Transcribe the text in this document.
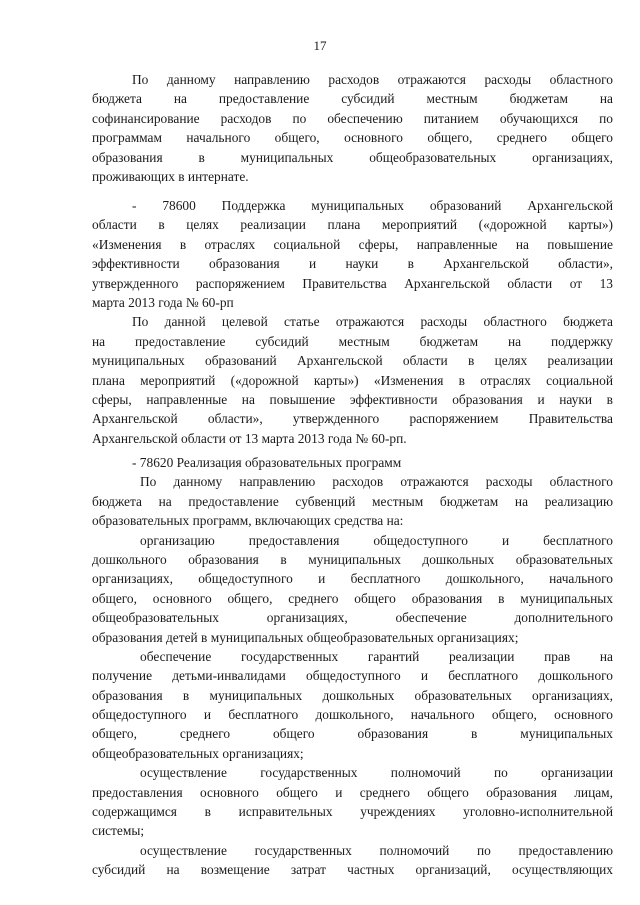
17
По данному направлению расходов отражаются расходы областного
бюджета на предоставление субсидий местным бюджетам на
софинансирование расходов по обеспечению питанием обучающихся по
программам начального общего, основного общего, среднего общего
образования в муниципальных общеобразовательных организациях,
проживающих в интернате.
- 78600 Поддержка муниципальных образований Архангельской
области в целях реализации плана мероприятий («дорожной карты»)
«Изменения в отраслях социальной сферы, направленные на повышение
эффективности образования и науки в Архангельской области»,
утвержденного распоряжением Правительства Архангельской области от 13
марта 2013 года № 60-рп
По данной целевой статье отражаются расходы областного бюджета
на предоставление субсидий местным бюджетам на поддержку
муниципальных образований Архангельской области в целях реализации
плана мероприятий («дорожной карты») «Изменения в отраслях социальной
сферы, направленные на повышение эффективности образования и науки в
Архангельской области», утвержденного распоряжением Правительства
Архангельской области от 13 марта 2013 года № 60-рп.
- 78620 Реализация образовательных программ
По данному направлению расходов отражаются расходы областного
бюджета на предоставление субвенций местным бюджетам на реализацию
образовательных программ, включающих средства на:
организацию предоставления общедоступного и бесплатного
дошкольного образования в муниципальных дошкольных образовательных
организациях, общедоступного и бесплатного дошкольного, начального
общего, основного общего, среднего общего образования в муниципальных
общеобразовательных организациях, обеспечение дополнительного
образования детей в муниципальных общеобразовательных организациях;
обеспечение государственных гарантий реализации прав на
получение детьми-инвалидами общедоступного и бесплатного дошкольного
образования в муниципальных дошкольных образовательных организациях,
общедоступного и бесплатного дошкольного, начального общего, основного
общего, среднего общего образования в муниципальных
общеобразовательных организациях;
осуществление государственных полномочий по организации
предоставления основного общего и среднего общего образования лицам,
содержащимся в исправительных учреждениях уголовно-исполнительной
системы;
осуществление государственных полномочий по предоставлению
субсидий на возмещение затрат частных организаций, осуществляющих
